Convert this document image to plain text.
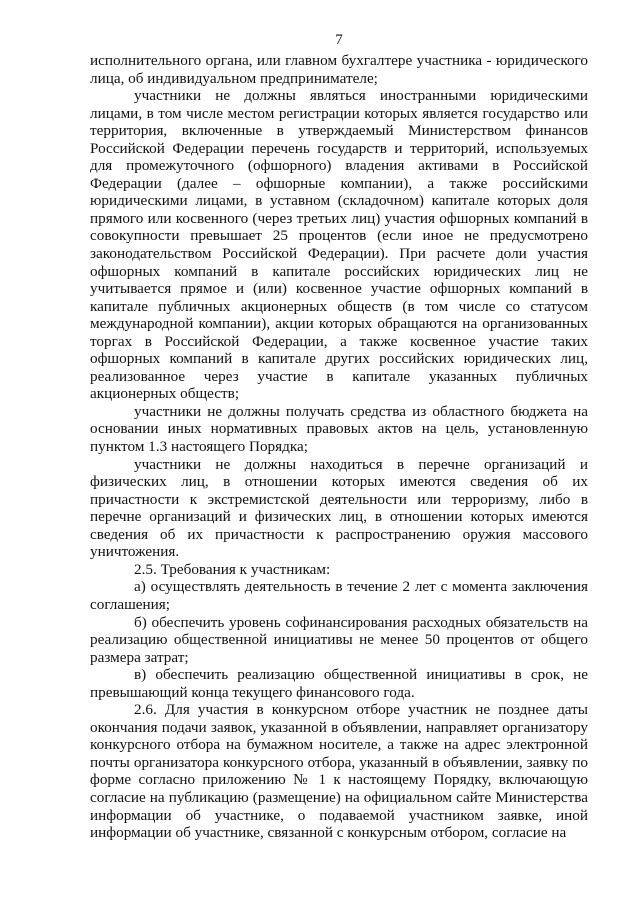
7

исполнительного органа, или главном бухгалтере участника - юридического лица, об индивидуальном предпринимателе;

участники не должны являться иностранными юридическими лицами, в том числе местом регистрации которых является государство или территория, включенные в утверждаемый Министерством финансов Российской Федерации перечень государств и территорий, используемых для промежуточного (офшорного) владения активами в Российской Федерации (далее – офшорные компании), а также российскими юридическими лицами, в уставном (складочном) капитале которых доля прямого или косвенного (через третьих лиц) участия офшорных компаний в совокупности превышает 25 процентов (если иное не предусмотрено законодательством Российской Федерации). При расчете доли участия офшорных компаний в капитале российских юридических лиц не учитывается прямое и (или) косвенное участие офшорных компаний в капитале публичных акционерных обществ (в том числе со статусом международной компании), акции которых обращаются на организованных торгах в Российской Федерации, а также косвенное участие таких офшорных компаний в капитале других российских юридических лиц, реализованное через участие в капитале указанных публичных акционерных обществ;

участники не должны получать средства из областного бюджета на основании иных нормативных правовых актов на цель, установленную пунктом 1.3 настоящего Порядка;

участники не должны находиться в перечне организаций и физических лиц, в отношении которых имеются сведения об их причастности к экстремистской деятельности или терроризму, либо в перечне организаций и физических лиц, в отношении которых имеются сведения об их причастности к распространению оружия массового уничтожения.

2.5. Требования к участникам:

а) осуществлять деятельность в течение 2 лет с момента заключения соглашения;

б) обеспечить уровень софинансирования расходных обязательств на реализацию общественной инициативы не менее 50 процентов от общего размера затрат;

в) обеспечить реализацию общественной инициативы в срок, не превышающий конца текущего финансового года.

2.6. Для участия в конкурсном отборе участник не позднее даты окончания подачи заявок, указанной в объявлении, направляет организатору конкурсного отбора на бумажном носителе, а также на адрес электронной почты организатора конкурсного отбора, указанный в объявлении, заявку по форме согласно приложению № 1 к настоящему Порядку, включающую согласие на публикацию (размещение) на официальном сайте Министерства информации об участнике, о подаваемой участником заявке, иной информации об участнике, связанной с конкурсным отбором, согласие на
